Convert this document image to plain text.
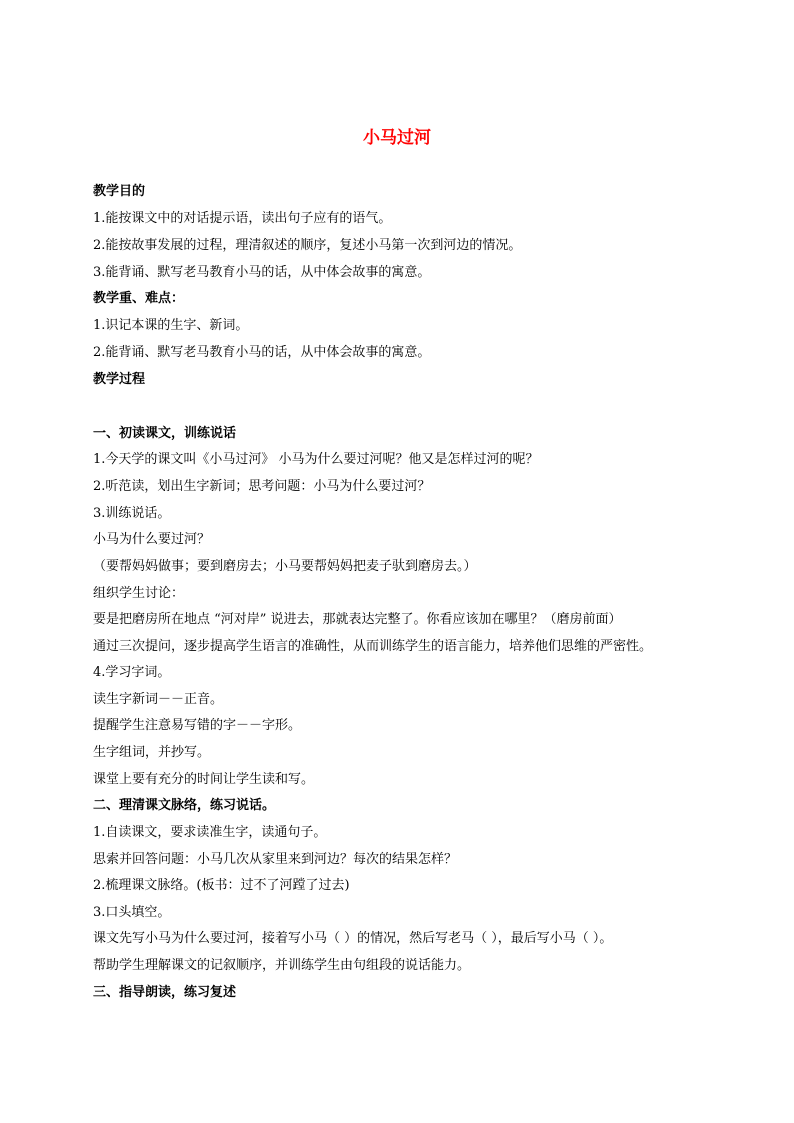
小马过河
教学目的
1.能按课文中的对话提示语，读出句子应有的语气。
2.能按故事发展的过程，理清叙述的顺序，复述小马第一次到河边的情况。
3.能背诵、默写老马教育小马的话，从中体会故事的寓意。
教学重、难点：
1.识记本课的生字、新词。
2.能背诵、默写老马教育小马的话，从中体会故事的寓意。
教学过程
一、初读课文，训练说话
1.今天学的课文叫《小马过河》 小马为什么要过河呢？他又是怎样过河的呢？
2.听范读，划出生字新词；思考问题：小马为什么要过河？
3.训练说话。
小马为什么要过河？
（要帮妈妈做事；要到磨房去；小马要帮妈妈把麦子驮到磨房去。）
组织学生讨论：
要是把磨房所在地点 “河对岸” 说进去，那就表达完整了。你看应该加在哪里？（磨房前面）
通过三次提问，逐步提高学生语言的准确性，从而训练学生的语言能力，培养他们思维的严密性。
4.学习字词。
读生字新词－－正音。
提醒学生注意易写错的字－－字形。
生字组词，并抄写。
课堂上要有充分的时间让学生读和写。
二、理清课文脉络，练习说话。
1.自读课文，要求读准生字，读通句子。
思索并回答问题：小马几次从家里来到河边？每次的结果怎样？
2.梳理课文脉络。(板书：过不了河蹚了过去)
3.口头填空。
课文先写小马为什么要过河，接着写小马（ ）的情况，然后写老马（ ），最后写小马（ ）。
帮助学生理解课文的记叙顺序，并训练学生由句组段的说话能力。
三、指导朗读，练习复述
